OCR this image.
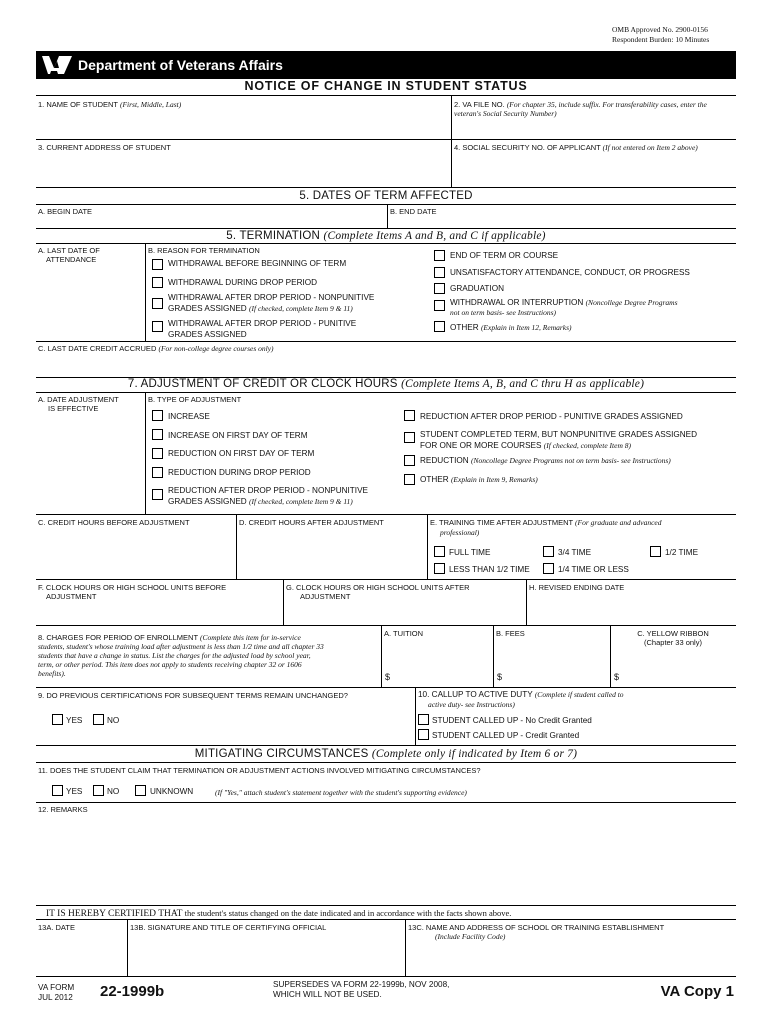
OMB Approved No. 2900-0156
Respondent Burden: 10 Minutes
Department of Veterans Affairs
NOTICE OF CHANGE IN STUDENT STATUS
1. NAME OF STUDENT (First, Middle, Last)	2. VA FILE NO. (For chapter 35, include suffix. For transferability cases, enter the veteran's Social Security Number)
3. CURRENT ADDRESS OF STUDENT	4. SOCIAL SECURITY NO. OF APPLICANT (If not entered on Item 2 above)
5. DATES OF TERM AFFECTED
A. BEGIN DATE	B. END DATE
5. TERMINATION (Complete Items A and B, and C if applicable)
A. LAST DATE OF
ATTENDANCE
B. REASON FOR TERMINATION
WITHDRAWAL BEFORE BEGINNING OF TERM
WITHDRAWAL DURING DROP PERIOD
WITHDRAWAL AFTER DROP PERIOD - NONPUNITIVE
GRADES ASSIGNED (If checked, complete Item 9 & 11)
WITHDRAWAL AFTER DROP PERIOD - PUNITIVE
GRADES ASSIGNED
END OF TERM OR COURSE
UNSATISFACTORY ATTENDANCE, CONDUCT, OR PROGRESS
GRADUATION
WITHDRAWAL OR INTERRUPTION (Noncollege Degree Programs
not on term basis- see Instructions)
OTHER (Explain in Item 12, Remarks)
C. LAST DATE CREDIT ACCRUED (For non-college degree courses only)
7. ADJUSTMENT OF CREDIT OR CLOCK HOURS (Complete Items A, B, and C thru H as applicable)
A. DATE ADJUSTMENT
IS EFFECTIVE
B. TYPE OF ADJUSTMENT
INCREASE
INCREASE ON FIRST DAY OF TERM
REDUCTION ON FIRST DAY OF TERM
REDUCTION DURING DROP PERIOD
REDUCTION AFTER DROP PERIOD - NONPUNITIVE
GRADES ASSIGNED (If checked, complete Item 9 & 11)
REDUCTION AFTER DROP PERIOD - PUNITIVE GRADES ASSIGNED
STUDENT COMPLETED TERM, BUT NONPUNITIVE GRADES ASSIGNED
FOR ONE OR MORE COURSES (If checked, complete Item 8)
REDUCTION (Noncollege Degree Programs not on term basis- see Instructions)
OTHER (Explain in Item 9, Remarks)
C. CREDIT HOURS BEFORE ADJUSTMENT	D. CREDIT HOURS AFTER ADJUSTMENT	E. TRAINING TIME AFTER ADJUSTMENT (For graduate and advanced
professional)
FULL TIME	3/4 TIME	1/2 TIME
LESS THAN 1/2 TIME	1/4 TIME OR LESS
F. CLOCK HOURS OR HIGH SCHOOL UNITS BEFORE
ADJUSTMENT
G. CLOCK HOURS OR HIGH SCHOOL UNITS AFTER
ADJUSTMENT
H. REVISED ENDING DATE
8. CHARGES FOR PERIOD OF ENROLLMENT (Complete this item for in-service
students, student's whose training load after adjustment is less than 1/2 time and all chapter 33
students that have a change in status. List the charges for the adjusted load by school year,
term, or other period. This item does not apply to students receiving chapter 32 or 1606
benefits).
A. TUITION	B. FEES	C. YELLOW RIBBON
(Chapter 33 only)
$	$	$
9. DO PREVIOUS CERTIFICATIONS FOR SUBSEQUENT TERMS REMAIN UNCHANGED?
YES	NO
10. CALLUP TO ACTIVE DUTY (Complete if student called to
active duty- see Instructions)
STUDENT CALLED UP - No Credit Granted
STUDENT CALLED UP - Credit Granted
MITIGATING CIRCUMSTANCES (Complete only if indicated by Item 6 or 7)
11. DOES THE STUDENT CLAIM THAT TERMINATION OR ADJUSTMENT ACTIONS INVOLVED MITIGATING CIRCUMSTANCES?
YES	NO	UNKNOWN	(If "Yes," attach student's statement together with the student's supporting evidence)
12. REMARKS
IT IS HEREBY CERTIFIED THAT the student's status changed on the date indicated and in accordance with the facts shown above.
13A. DATE	13B. SIGNATURE AND TITLE OF CERTIFYING OFFICIAL	13C. NAME AND ADDRESS OF SCHOOL OR TRAINING ESTABLISHMENT
(Include Facility Code)
VA FORM
JUL 2012 22-1999b	SUPERSEDES VA FORM 22-1999b, NOV 2008,
WHICH WILL NOT BE USED.	VA Copy 1
